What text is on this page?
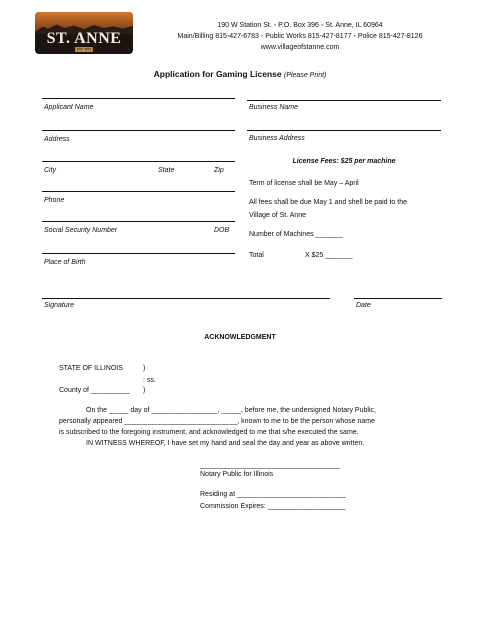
ST. ANNE
EST. 1872
190 W Station St. ◦ P.O. Box 396 ◦ St. Anne, IL 60964
Main/Billing 815-427-6783 ◦ Public Works 815-427-8177 ◦ Police 815-427-8126
www.villageofstanne.com
Application for Gaming License (Please Print)
Applicant Name
Address
City	State	Zip
Phone
Social Security Number	DOB
Place of Birth
Business Name
Business Address
License Fees: $25 per machine
Term of license shall be May – April
All fees shall be due May 1 and shell be paid to the
Village of St. Anne
Number of Machines _______
Total	X $25 _______
Signature	Date
ACKNOWLEDGMENT
STATE OF ILLINOIS	)
: ss.
County of __________ )
On the _____ day of _________________, _____, before me, the undersigned Notary Public,
personally appeared _____________________________, known to me to be the person whose name
is subscribed to the foregoing instrument, and acknowledged to me that s/he executed the same.
IN WITNESS WHEREOF, I have set my hand and seal the day and year as above written.
____________________________________
Notary Public for Illinois
Residing at ____________________________
Commission Expires: ____________________
